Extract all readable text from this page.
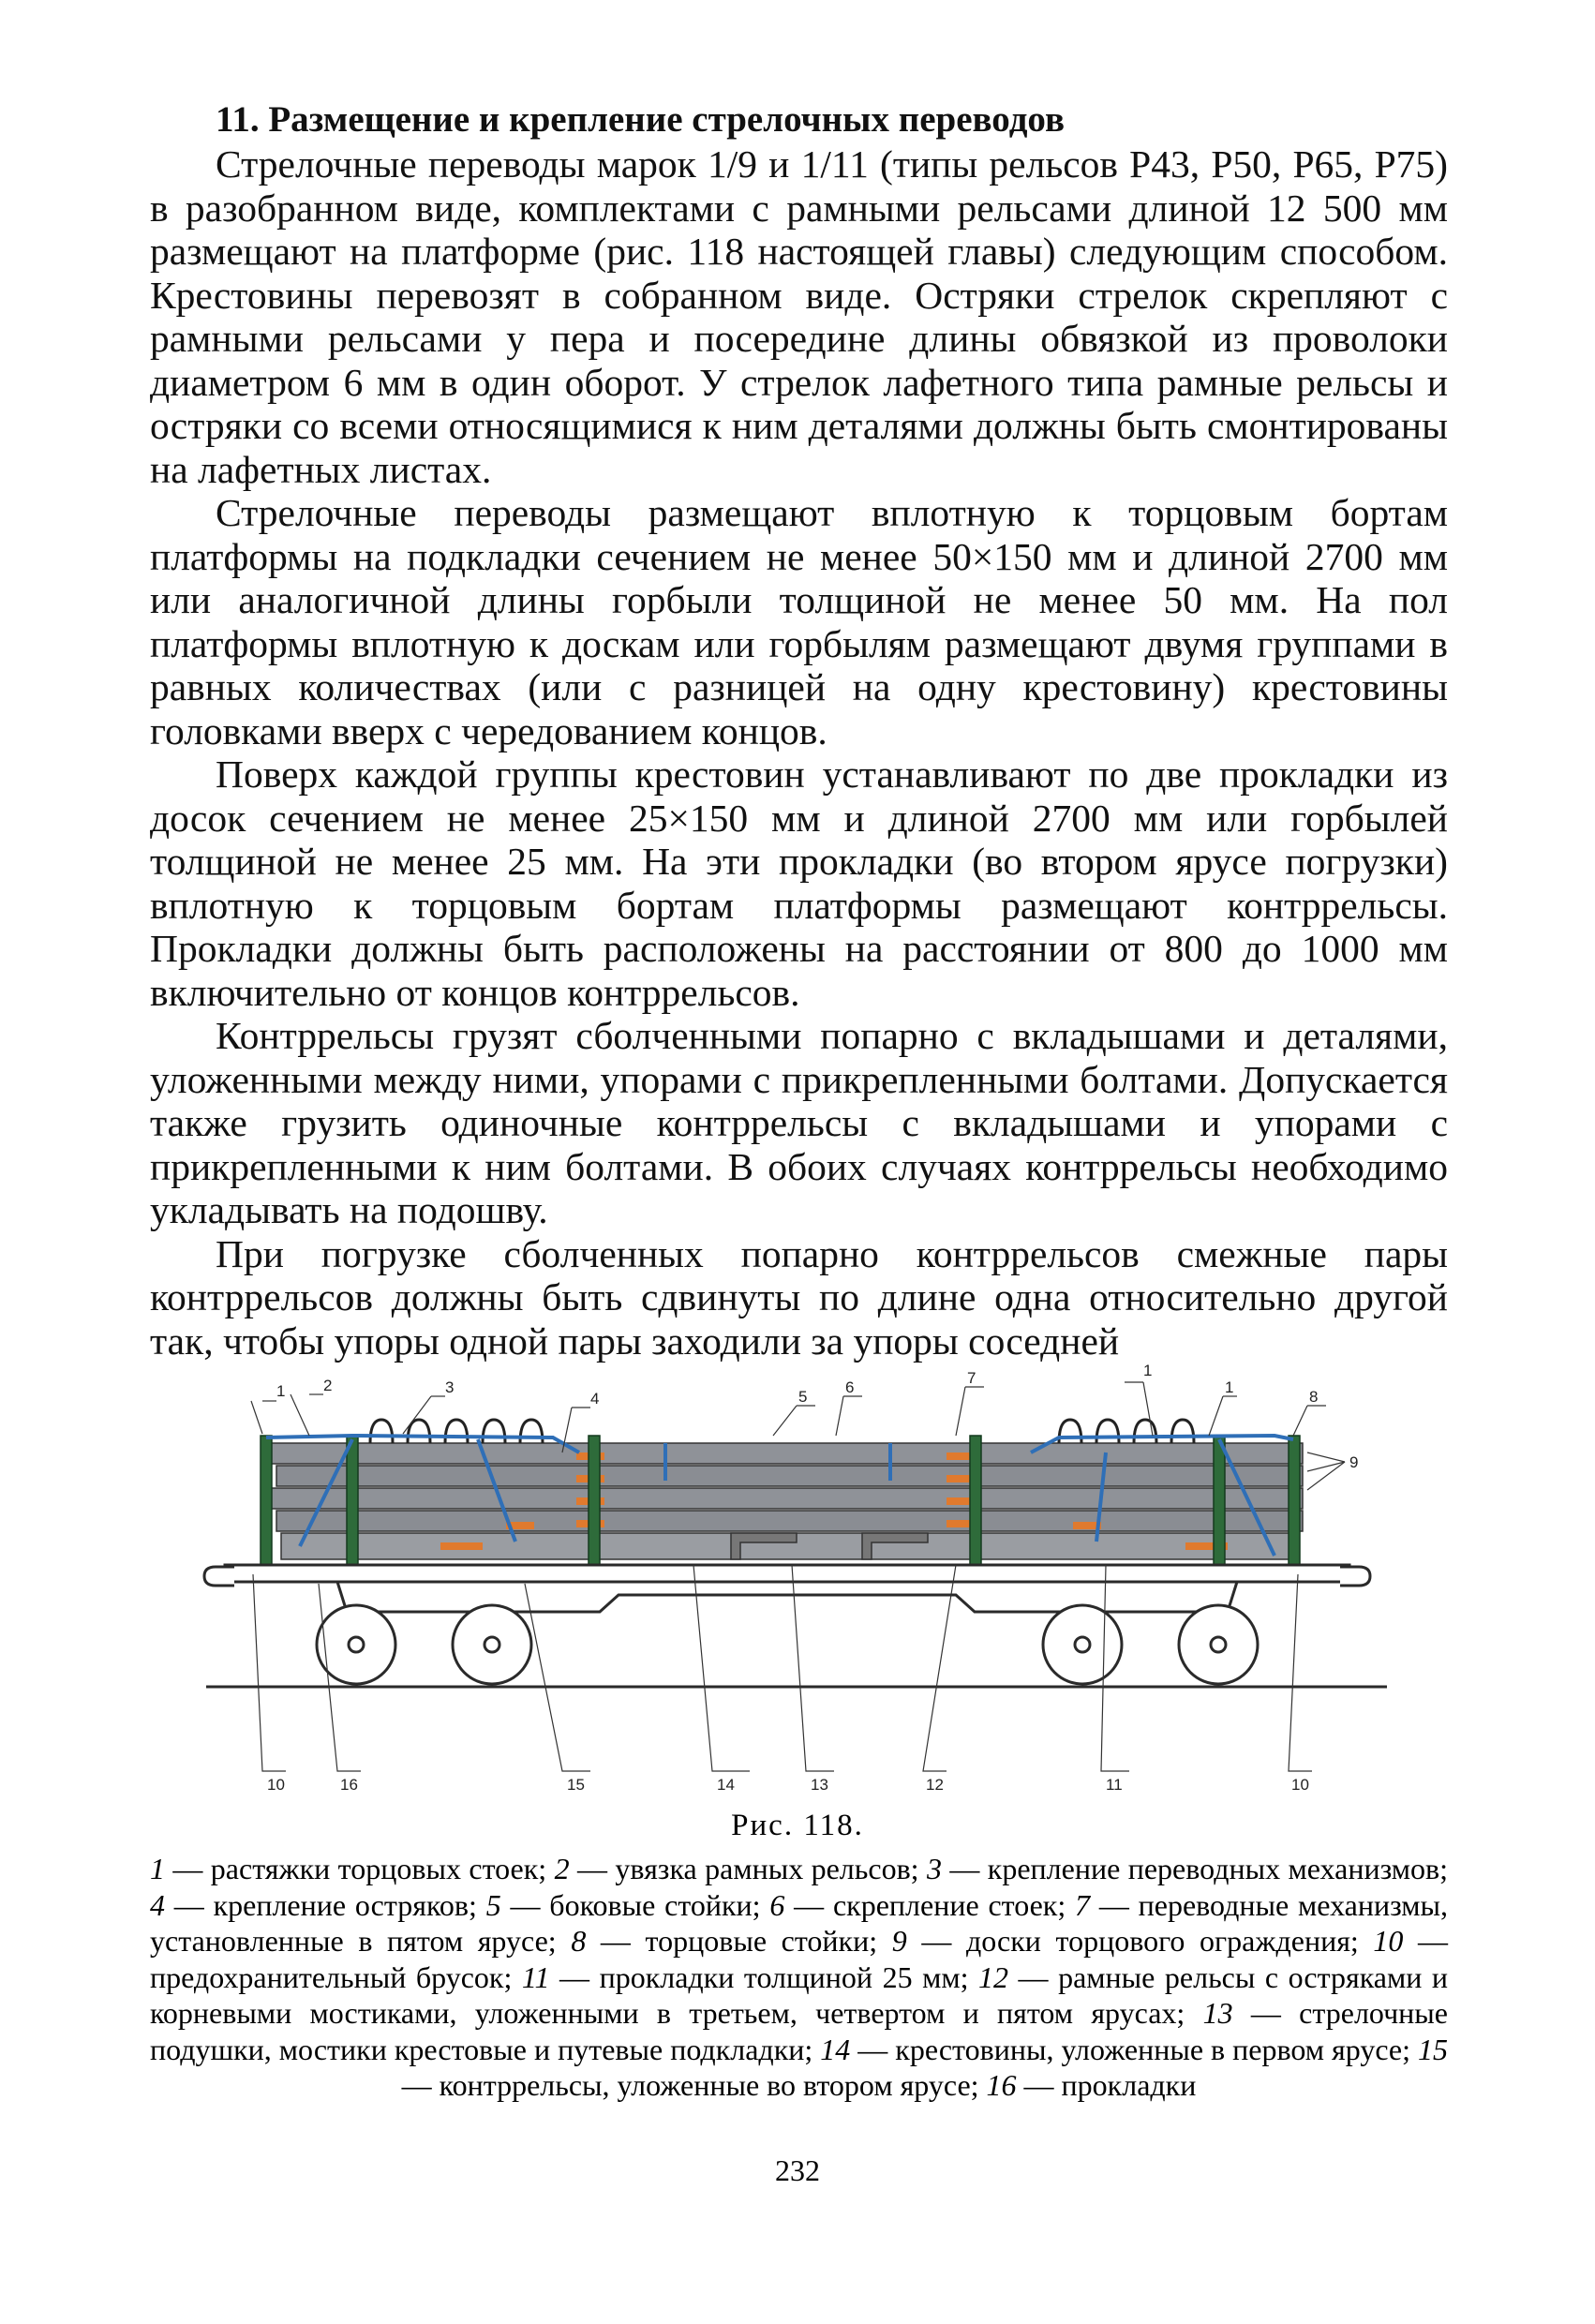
11. Размещение и крепление стрелочных переводов

Стрелочные переводы марок 1/9 и 1/11 (типы рельсов Р43, Р50, Р65, Р75) в разобранном виде, комплектами с рамными рельсами длиной 12 500 мм размещают на платформе (рис. 118 настоящей главы) следующим способом. Крестовины перевозят в собранном виде. Остряки стрелок скрепляют с рамными рельсами у пера и посередине длины обвязкой из проволоки диаметром 6 мм в один оборот. У стрелок лафетного типа рамные рельсы и остряки со всеми относящимися к ним деталями должны быть смонтированы на лафетных листах.

Стрелочные переводы размещают вплотную к торцовым бортам платформы на подкладки сечением не менее 50×150 мм и длиной 2700 мм или аналогичной длины горбыли толщиной не менее 50 мм. На пол платформы вплотную к доскам или горбылям размещают двумя группами в равных количествах (или с разницей на одну крестовину) крестовины головками вверх с чередованием концов.

Поверх каждой группы крестовин устанавливают по две прокладки из досок сечением не менее 25×150 мм и длиной 2700 мм или горбылей толщиной не менее 25 мм. На эти прокладки (во втором ярусе погрузки) вплотную к торцовым бортам платформы размещают контррельсы. Прокладки должны быть расположены на расстоянии от 800 до 1000 мм включительно от концов контррельсов.

Контррельсы грузят сболченными попарно с вкладышами и деталями, уложенными между ними, упорами с прикрепленными болтами. Допускается также грузить одиночные контррельсы с вкладышами и упорами с прикрепленными к ним болтами. В обоих случаях контррельсы необходимо укладывать на подошву.

При погрузке сболченных попарно контррельсов смежные пары контррельсов должны быть сдвинуты по длине одна относительно другой так, чтобы упоры одной пары заходили за упоры соседней

1 2	3
4	5
6
7	1
1
8
9
10	16	15	14	13	12	11	10
Рис. 118.
1 — растяжки торцовых стоек; 2 — увязка рамных рельсов; 3 — крепление переводных механизмов; 4 — крепление остряков; 5 — боковые стойки; 6 — скрепление стоек; 7 — переводные механизмы, установленные в пятом ярусе; 8 — торцовые стойки; 9 — доски торцового ограждения; 10 — предохранительный брусок; 11 — прокладки толщиной 25 мм; 12 — рамные рельсы с остряками и корневыми мостиками, уложенными в третьем, четвертом и пятом ярусах; 13 — стрелочные подушки, мостики крестовые и путевые подкладки; 14 — крестовины, уложенные в первом ярусе; 15 — контррельсы, уложенные во втором ярусе; 16 — прокладки
232
